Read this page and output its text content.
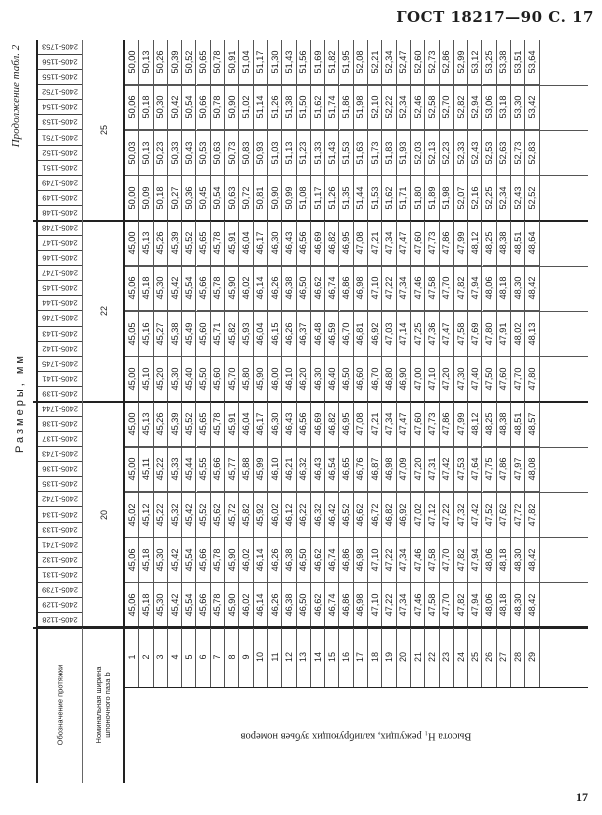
ГОСТ 18217—90 С. 17
Продолжение табл. 2
Размеры, мм
25
2405-1753
2405-1156
2405-1155
50,00 50,13 50,26 50,39 50,52 50,65 50,78 50,91 51,04 51,17 51,30 51,43 51,56 51,69 51,82 51,95 52,08 52,21 52,34 52,47 52,60 52,73 52,86 52,99 53,12 53,25 53,38 53,51 53,64
2405-1752
2405-1154
2405-1153
50,06 50,18 50,30 50,42 50,54 50,66 50,78 50,90 51,02 51,14 51,26 51,38 51,50 51,62 51,74 51,86 51,98 52,10 52,22 52,34 52,46 52,58 52,70 52,82 52,94 53,06 53,18 53,30 53,42
2405-1751
2405-1152
2405-1151
50,03 50,13 50,23 50,33 50,43 50,53 50,63 50,73 50,83 50,93 51,03 51,13 51,23 51,33 51,43 51,53 51,63 51,73 51,83 51,93 52,03 52,13 52,23 52,33 52,43 52,53 52,63 52,73 52,83
2405-1749
2405-1149
2405-1148
50,00 50,09 50,18 50,27 50,36 50,45 50,54 50,63 50,72 50,81 50,90 50,99 51,08 51,17 51,26 51,35 51,44 51,53 51,62 51,71 51,80 51,89 51,98 52,07 52,16 52,25 52,34 52,43 52,52
22
2405-1748
2405-1147
2405-1146
45,00 45,13 45,26 45,39 45,52 45,65 45,78 45,91 46,04 46,17 46,30 46,43 46,56 46,69 46,82 46,95 47,08 47,21 47,34 47,47 47,60 47,73 47,86 47,99 48,12 48,25 48,38 48,51 48,64
2405-1747
2405-1145
2405-1144
45,06 45,18 45,30 45,42 45,54 45,66 45,78 45,90 46,02 46,14 46,26 46,38 46,50 46,62 46,74 46,86 46,98 47,10 47,22 47,34 47,46 47,58 47,70 47,82 47,94 48,06 48,18 48,30 48,42
2405-1746
2405-1143
2405-1142
45,05 45,16 45,27 45,38 45,49 45,60 45,71 45,82 45,93 46,04 46,15 46,26 46,37 46,48 46,59 46,70 46,81 46,92 47,03 47,14 47,25 47,36 47,47 47,58 47,69 47,80 47,91 48,02 48,13
2405-1745
2405-1141
2405-1139
45,00 45,10 45,20 45,30 45,40 45,50 45,60 45,70 45,80 45,90 46,00 46,10 46,20 46,30 46,40 46,50 46,60 46,70 46,80 46,90 47,00 47,10 47,20 47,30 47,40 47,50 47,60 47,70 47,80
20
2405-1744
2405-1138
2405-1137
45,00 45,13 45,26 45,39 45,52 45,65 45,78 45,91 46,04 46,17 46,30 46,43 46,56 46,69 46,82 46,95 47,08 47,21 47,34 47,47 47,60 47,73 47,86 47,99 48,12 48,25 48,38 48,51 48,57
2405-1743
2405-1136
2405-1135
45,00 45,11 45,22 45,33 45,44 45,55 45,66 45,77 45,88 45,99 46,10 46,21 46,32 46,43 46,54 46,65 46,76 46,87 46,98 47,09 47,20 47,31 47,42 47,53 47,64 47,75 47,86 47,97 48,08
2405-1742
2405-1134
2405-1133
45,02 45,12 45,22 45,32 45,42 45,52 45,62 45,72 45,82 45,92 46,02 46,12 46,22 46,32 46,42 46,52 46,62 46,72 46,82 46,92 47,02 47,12 47,22 47,32 47,42 47,52 47,62 47,72 47,82
2405-1741
2405-1132
2405-1131
45,06 45,18 45,30 45,42 45,54 45,66 45,78 45,90 46,02 46,14 46,26 46,38 46,50 46,62 46,74 46,86 46,98 47,10 47,22 47,34 47,46 47,58 47,70 47,82 47,94 48,06 48,18 48,30 48,42
2405-1739
2405-1129
2405-1128
45,06 45,18 45,30 45,42 45,54 45,66 45,78 45,90 46,02 46,14 46,26 46,38 46,50 46,62 46,74 46,86 46,98 47,10 47,22 47,34 47,46 47,58 47,70 47,82 47,94 48,06 48,18 48,30 48,42
1 2 3 4 5 6 7 8 9 10 11 12 13 14 15 16 17 18 19 20 21 22 23 24 25 26 27 28 29
Обозначение протяжки	Номинальная ширина шпоночного паза b	Высота H₁ режущих, калибрующих зубьев номеров
17
